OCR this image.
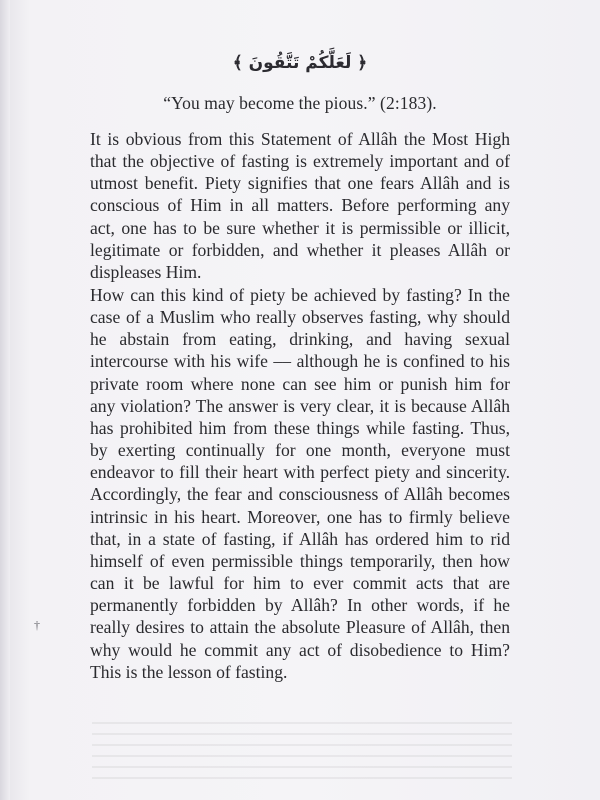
﴿ لَعَلَّكُمْ تَتَّقُونَ ﴾
“You may become the pious.” (2:183).

It is obvious from this Statement of Allâh the Most High
that the objective of fasting is extremely important and of
utmost benefit. Piety signifies that one fears Allâh and is
conscious of Him in all matters. Before performing any
act, one has to be sure whether it is permissible or illicit,
legitimate or forbidden, and whether it pleases Allâh or
displeases Him.

How can this kind of piety be achieved by fasting? In the
case of a Muslim who really observes fasting, why should
he abstain from eating, drinking, and having sexual
intercourse with his wife –– although he is confined to his
private room where none can see him or punish him for
any violation? The answer is very clear, it is because Allâh
has prohibited him from these things while fasting. Thus,
by exerting continually for one month, everyone must
endeavor to fill their heart with perfect piety and sincerity.
Accordingly, the fear and consciousness of Allâh becomes
intrinsic in his heart. Moreover, one has to firmly believe
that, in a state of fasting, if Allâh has ordered him to rid
himself of even permissible things temporarily, then how
can it be lawful for him to ever commit acts that are
permanently forbidden by Allâh? In other words, if he
really desires to attain the absolute Pleasure of Allâh, then
why would he commit any act of disobedience to Him?
This is the lesson of fasting.

†
